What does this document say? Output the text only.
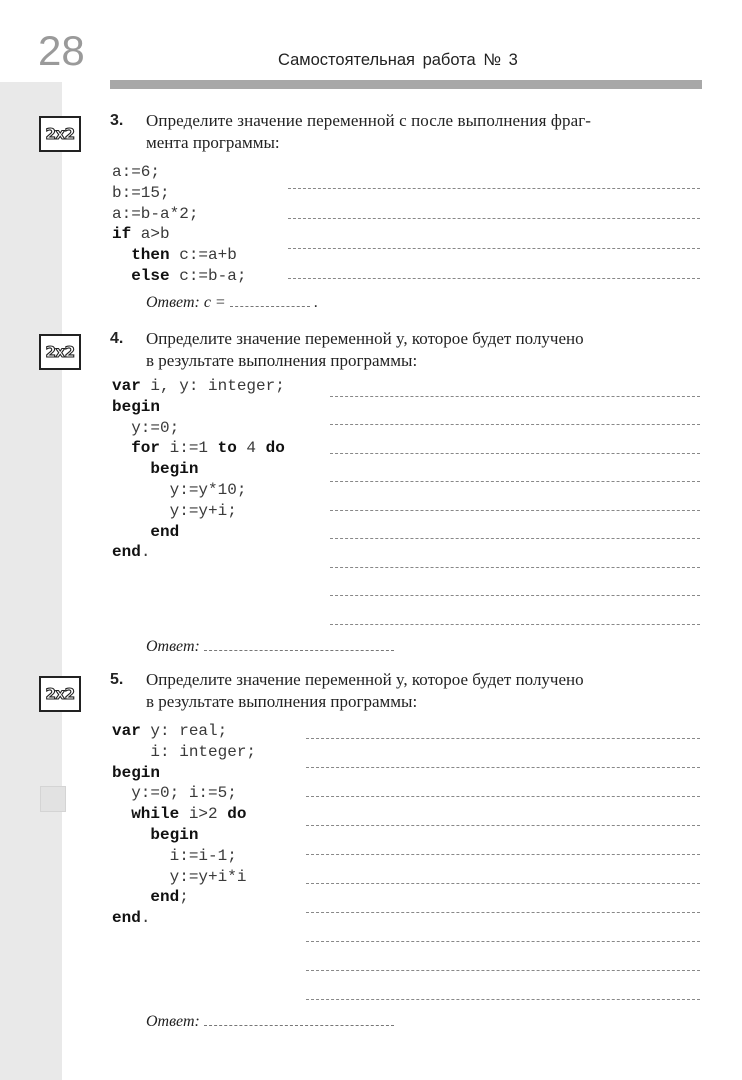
28	Самостоятельная работа № 3
2x2
3. Определите значение переменной c после выполнения фраг-
мента программы:
a:=6;
b:=15;
a:=b-a*2;
if a>b
then c:=a+b
else c:=b-a;
Ответ: c =	.
2x2
4. Определите значение переменной y, которое будет получено
в результате выполнения программы:
var i, y: integer;
begin
y:=0;
for i:=1 to 4 do
begin
y:=y*10;
y:=y+i;
end
end.
Ответ:
2x2
5. Определите значение переменной y, которое будет получено
в результате выполнения программы:
var y: real;
i: integer;
begin
y:=0; i:=5;
while i>2 do
begin
i:=i-1;
y:=y+i*i
end;
end.
Ответ:
